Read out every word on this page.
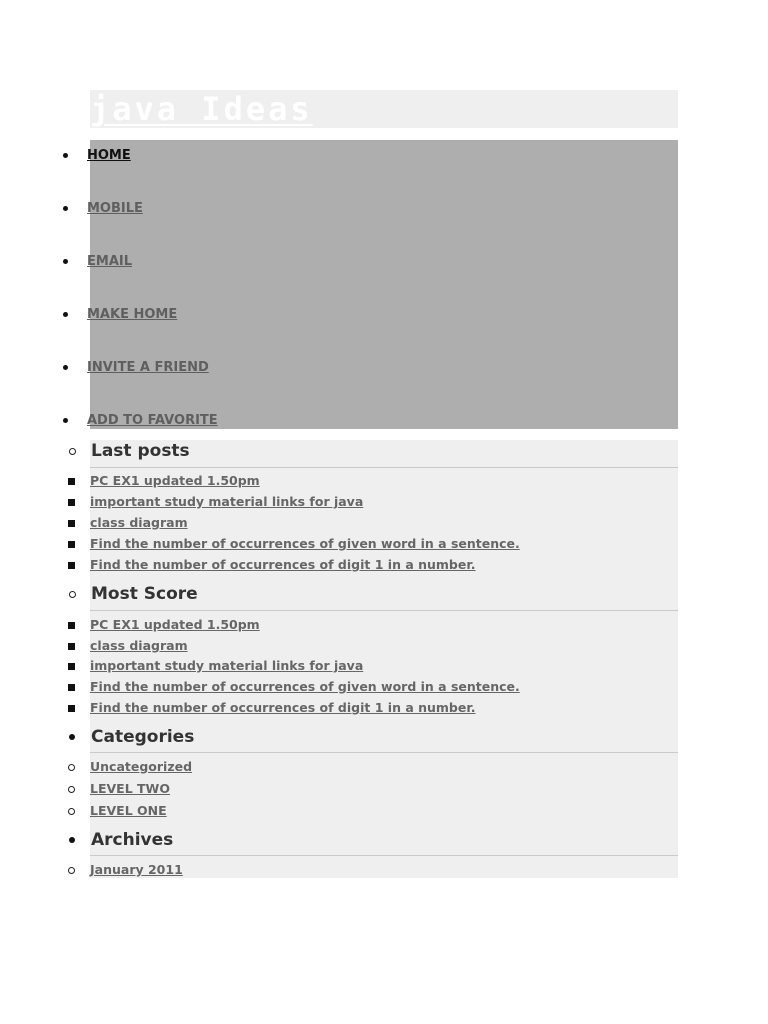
java Ideas
HOME
MOBILE
EMAIL
MAKE HOME
INVITE A FRIEND
ADD TO FAVORITE
Last posts
PC EX1 updated 1.50pm
important study material links for java
class diagram
Find the number of occurrences of given word in a sentence.
Find the number of occurrences of digit 1 in a number.
Most Score
PC EX1 updated 1.50pm
class diagram
important study material links for java
Find the number of occurrences of given word in a sentence.
Find the number of occurrences of digit 1 in a number.
Categories
Uncategorized
LEVEL TWO
LEVEL ONE
Archives
January 2011
